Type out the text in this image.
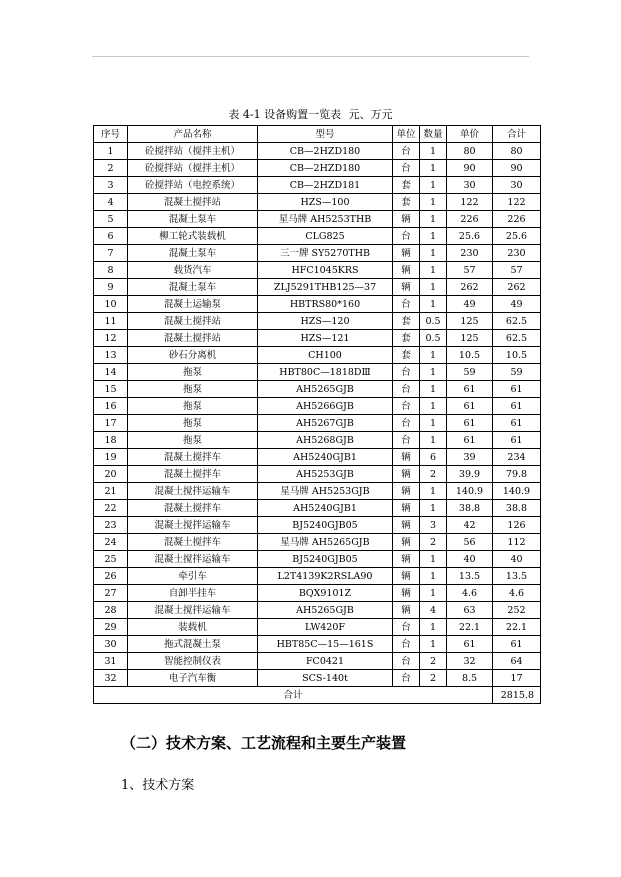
表 4-1 设备购置一览表 元、万元
序号	产品名称	型号	单位	数量	单价	合计
1	砼搅拌站（搅拌主机）	CB—2HZD180	台	1	80	80
2	砼搅拌站（搅拌主机）	CB—2HZD180	台	1	90	90
3	砼搅拌站（电控系统）	CB—2HZD181	套	1	30	30
4	混凝土搅拌站	HZS—100	套	1	122	122
5	混凝土泵车	星马牌 AH5253THB	辆	1	226	226
6	柳工轮式装载机	CLG825	台	1	25.6	25.6
7	混凝土泵车	三一牌 SY5270THB	辆	1	230	230
8	载货汽车	HFC1045KRS	辆	1	57	57
9	混凝土泵车	ZLJ5291THB125—37	辆	1	262	262
10	混凝土运输泵	HBTRS80*160	台	1	49	49
11	混凝土搅拌站	HZS—120	套	0.5	125	62.5
12	混凝土搅拌站	HZS—121	套	0.5	125	62.5
13	砂石分离机	CH100	套	1	10.5	10.5
14	拖泵	HBT80C—1818DⅢ	台	1	59	59
15	拖泵	AH5265GJB	台	1	61	61
16	拖泵	AH5266GJB	台	1	61	61
17	拖泵	AH5267GJB	台	1	61	61
18	拖泵	AH5268GJB	台	1	61	61
19	混凝土搅拌车	AH5240GJB1	辆	6	39	234
20	混凝土搅拌车	AH5253GJB	辆	2	39.9	79.8
21	混凝土搅拌运输车	星马牌 AH5253GJB	辆	1	140.9	140.9
22	混凝土搅拌车	AH5240GJB1	辆	1	38.8	38.8
23	混凝土搅拌运输车	BJ5240GJB05	辆	3	42	126
24	混凝土搅拌车	星马牌 AH5265GJB	辆	2	56	112
25	混凝土搅拌运输车	BJ5240GJB05	辆	1	40	40
26	牵引车	L2T4139K2RSLA90	辆	1	13.5	13.5
27	自卸半挂车	BQX9101Z	辆	1	4.6	4.6
28	混凝土搅拌运输车	AH5265GJB	辆	4	63	252
29	装载机	LW420F	台	1	22.1	22.1
30	拖式混凝土泵	HBT85C—15—161S	台	1	61	61
31	智能控制仪表	FC0421	台	2	32	64
32	电子汽车衡	SCS-140t	台	2	8.5	17
合计						2815.8
（二）技术方案、工艺流程和主要生产装置
1、技术方案
